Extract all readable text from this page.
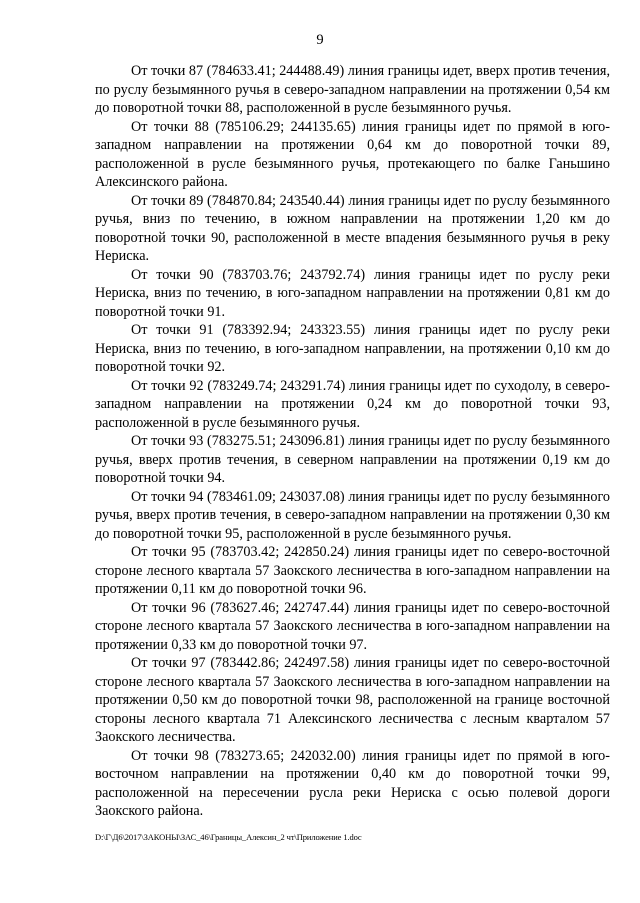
9

От точки 87 (784633.41; 244488.49) линия границы идет, вверх против течения, по руслу безымянного ручья в северо-западном направлении на протяжении 0,54 км до поворотной точки 88, расположенной в русле безымянного ручья.

От точки 88 (785106.29; 244135.65) линия границы идет по прямой в юго-западном направлении на протяжении 0,64 км до поворотной точки 89, расположенной в русле безымянного ручья, протекающего по балке Ганьшино Алексинского района.

От точки 89 (784870.84; 243540.44) линия границы идет по руслу безымянного ручья, вниз по течению, в южном направлении на протяжении 1,20 км до поворотной точки 90, расположенной в месте впадения безымянного ручья в реку Нериска.

От точки 90 (783703.76; 243792.74) линия границы идет по руслу реки Нериска, вниз по течению, в юго-западном направлении на протяжении 0,81 км до поворотной точки 91.

От точки 91 (783392.94; 243323.55) линия границы идет по руслу реки Нериска, вниз по течению, в юго-западном направлении, на протяжении 0,10 км до поворотной точки 92.

От точки 92 (783249.74; 243291.74) линия границы идет по суходолу, в северо-западном направлении на протяжении 0,24 км до поворотной точки 93, расположенной в русле безымянного ручья.

От точки 93 (783275.51; 243096.81) линия границы идет по руслу безымянного ручья, вверх против течения, в северном направлении на протяжении 0,19 км до поворотной точки 94.

От точки 94 (783461.09; 243037.08) линия границы идет по руслу безымянного ручья, вверх против течения, в северо-западном направлении на протяжении 0,30 км до поворотной точки 95, расположенной в русле безымянного ручья.

От точки 95 (783703.42; 242850.24) линия границы идет по северо-восточной стороне лесного квартала 57 Заокского лесничества в юго-западном направлении на протяжении 0,11 км до поворотной точки 96.

От точки 96 (783627.46; 242747.44) линия границы идет по северо-восточной стороне лесного квартала 57 Заокского лесничества в юго-западном направлении на протяжении 0,33 км до поворотной точки 97.

От точки 97 (783442.86; 242497.58) линия границы идет по северо-восточной стороне лесного квартала 57 Заокского лесничества в юго-западном направлении на протяжении 0,50 км до поворотной точки 98, расположенной на границе восточной стороны лесного квартала 71 Алексинского лесничества с лесным кварталом 57 Заокского лесничества.

От точки 98 (783273.65; 242032.00) линия границы идет по прямой в юго-восточном направлении на протяжении 0,40 км до поворотной точки 99, расположенной на пересечении русла реки Нериска с осью полевой дороги Заокского района.

D:\Г\Д6\2017\ЗАКОНЫ\ЗАС_46\Границы_Алексин_2 чт\Приложение 1.doc
